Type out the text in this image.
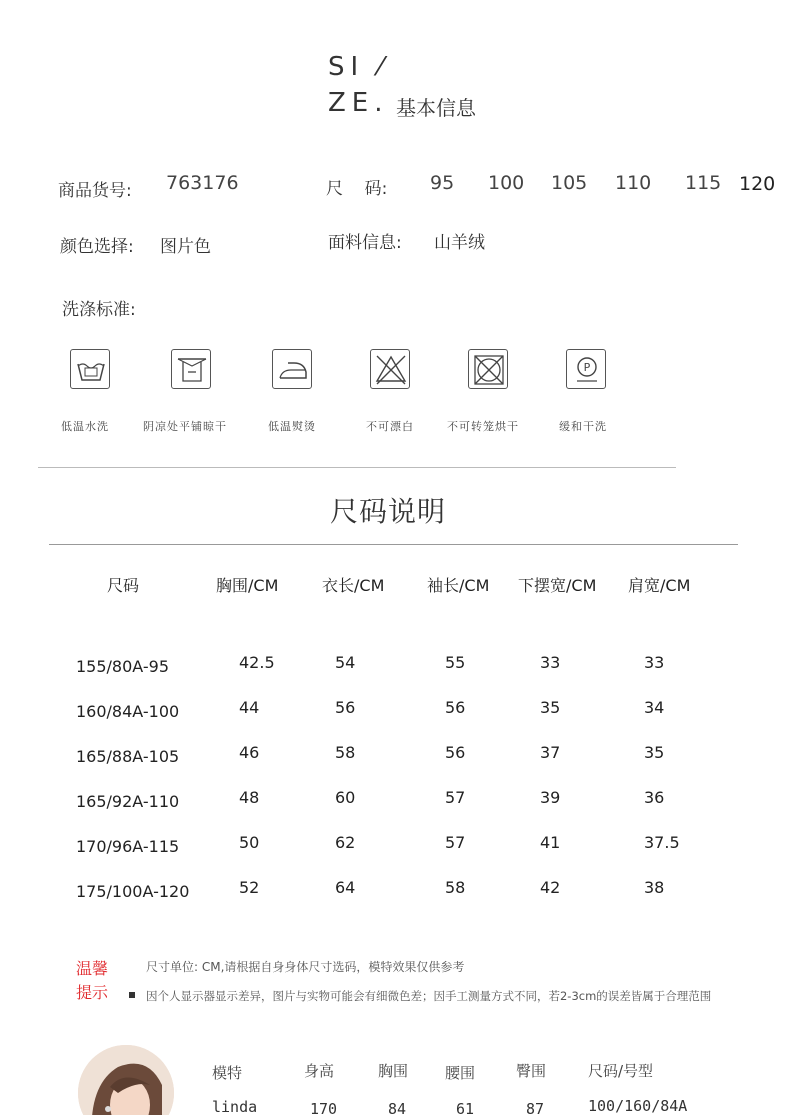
SI ⁄
ZE. 基本信息
商品货号: 763176	尺    码: 95 100 105 110 115 120
颜色选择: 图片色	面料信息: 山羊绒
洗涤标准:
P
低温水洗	阴凉处平铺晾干	低温熨烫	不可漂白	不可转笼烘干	缓和干洗
尺码说明
尺码	胸围/CM	衣长/CM	袖长/CM 下摆宽/CM 肩宽/CM
155/80A-95	42.5	54	55	33	33
160/84A-100	44	56	56	35	34
165/88A-105	46	58	56	37	35
165/92A-110	48	60	57	39	36
170/96A-115	50	62	57	41	37.5
175/100A-120	52	64	58	42	38
温馨
提示
尺寸单位: CM,请根据自身身体尺寸选码，模特效果仅供参考
因个人显示器显示差异，图片与实物可能会有细微色差；因手工测量方式不同，若2-3cm的误差皆属于合理范围
模特	身高	胸围 腰围	臀围	尺码/号型
linda	170	84	61	87	100/160/84A
